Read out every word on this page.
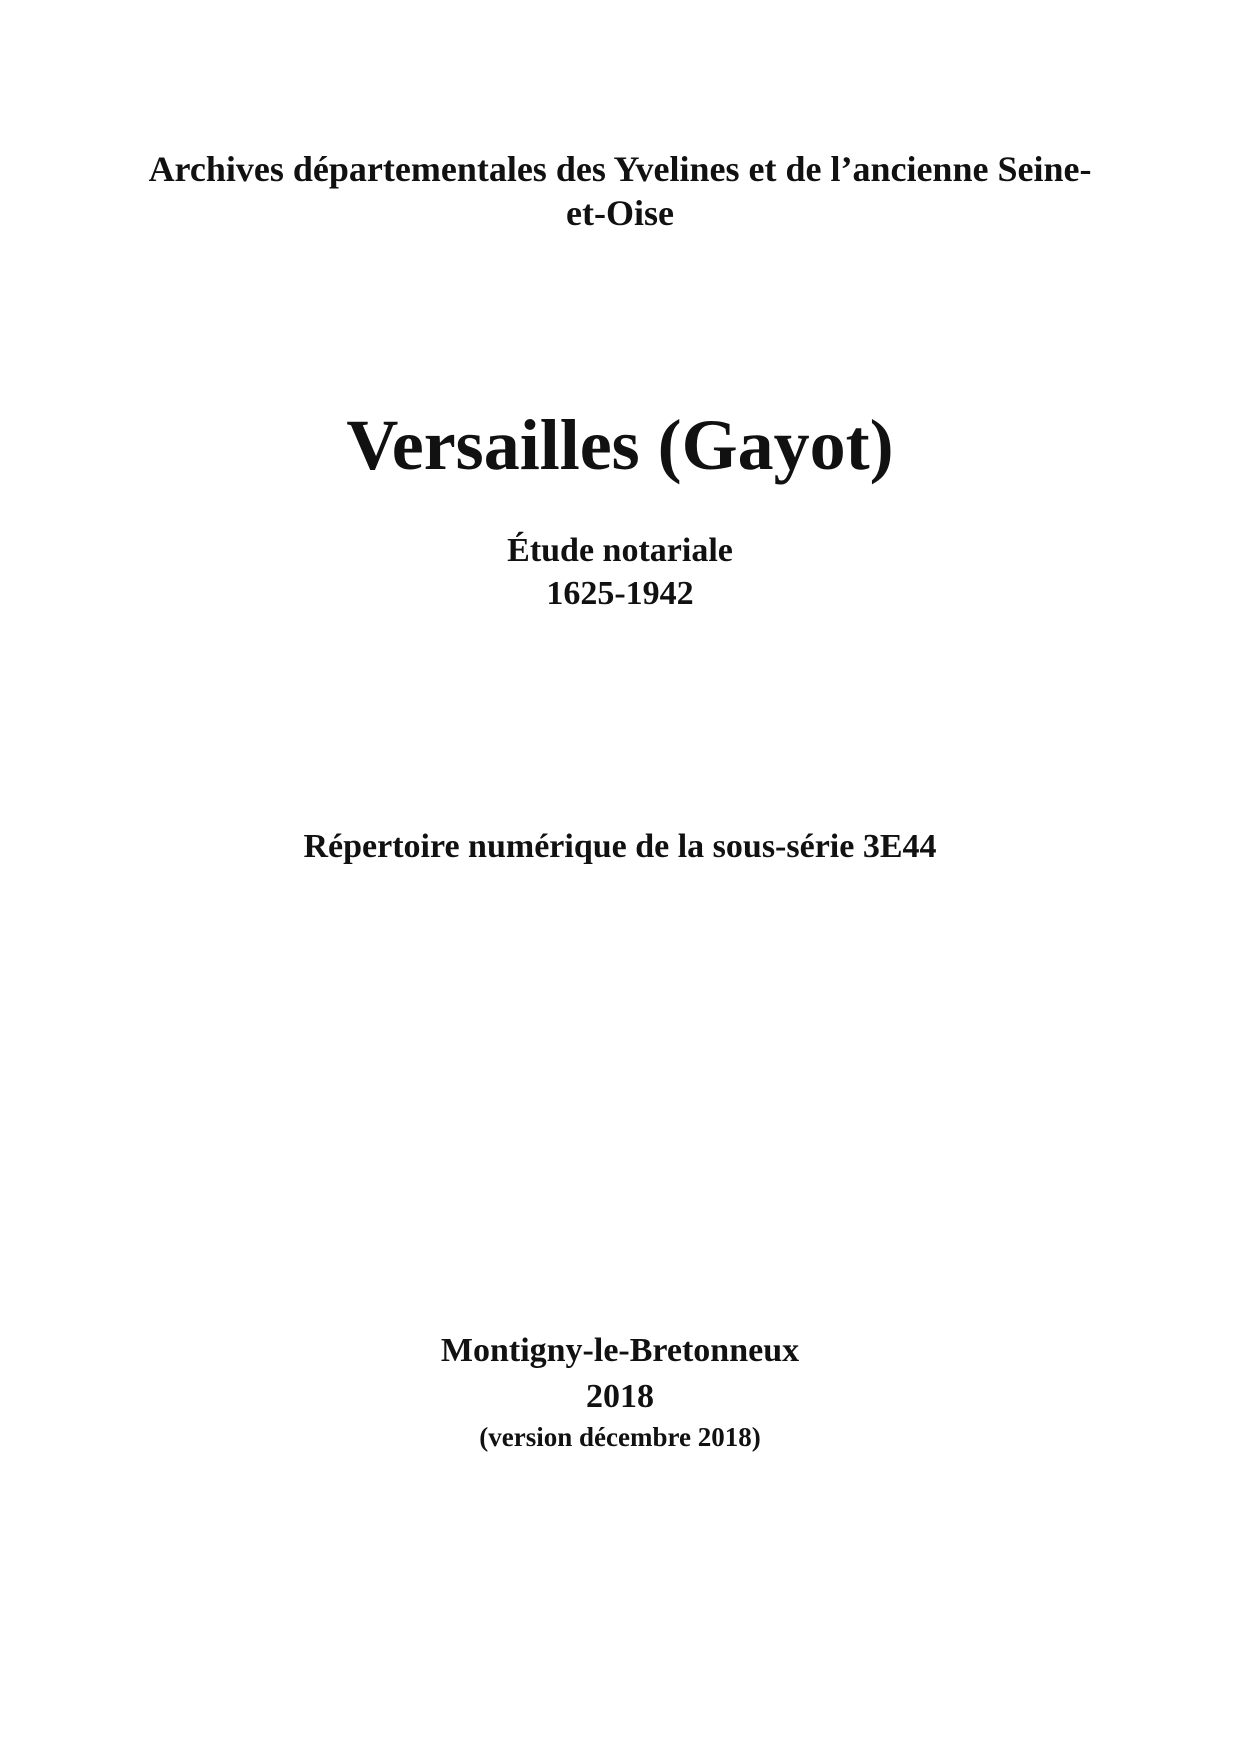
Archives départementales des Yvelines et de l’ancienne Seine-

et-Oise

Versailles (Gayot)

Étude notariale

1625-1942

Répertoire numérique de la sous-série 3E44

Montigny-le-Bretonneux

2018

(version décembre 2018)
